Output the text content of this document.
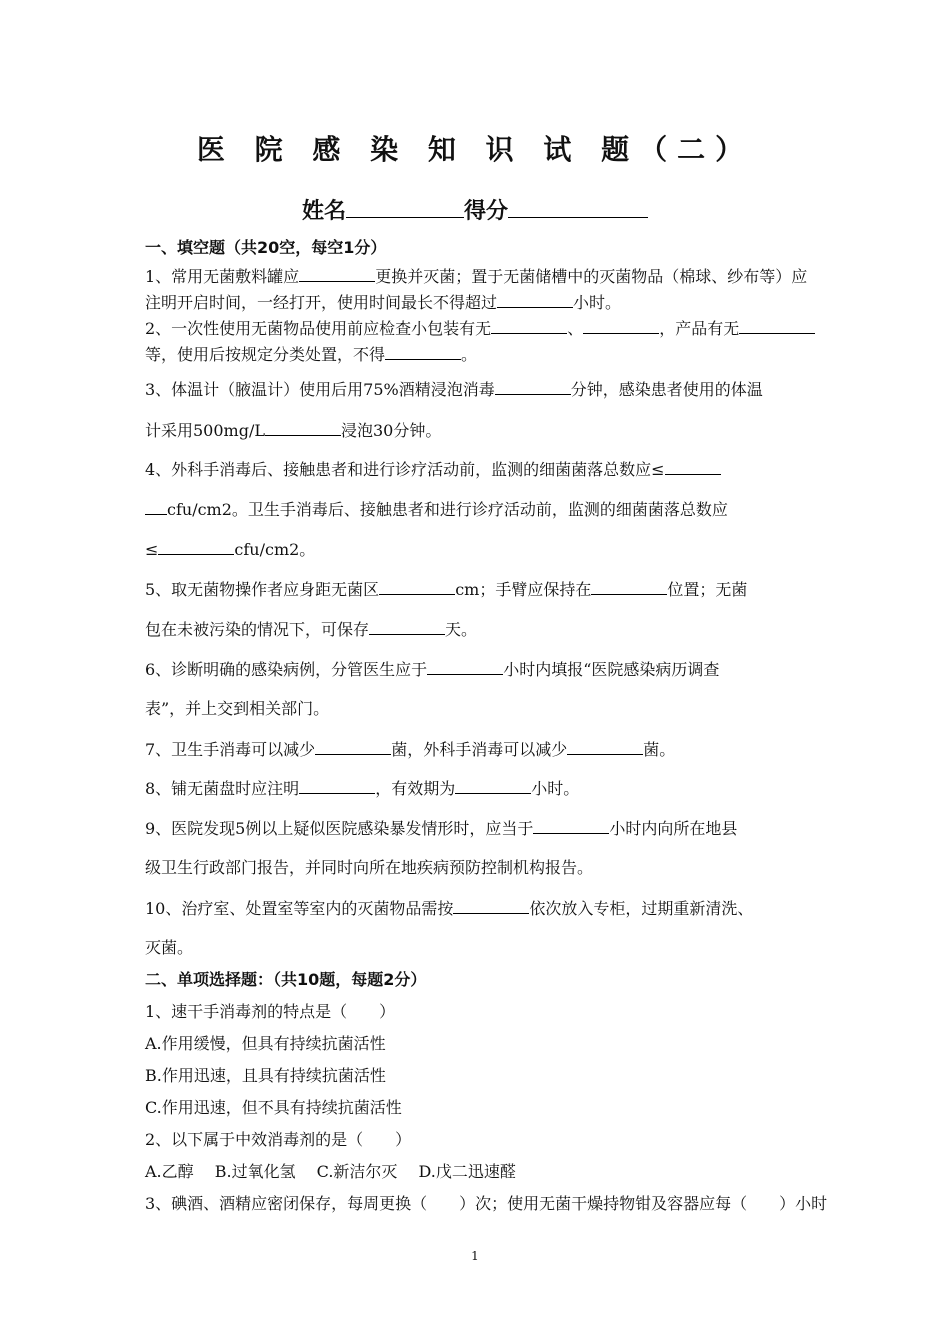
医 院 感 染 知 识 试 题（二）
姓名	得分
一、填空题（共20空，每空1分）
1、常用无菌敷料罐应	更换并灭菌；置于无菌储槽中的灭菌物品（棉球、纱布等）应
注明开启时间，一经打开，使用时间最长不得超过	小时。
2、一次性使用无菌物品使用前应检查小包装有无	、	，产品有无
等，使用后按规定分类处置，不得	。
3、体温计（腋温计）使用后用75%酒精浸泡消毒	分钟，感染患者使用的体温
计采用500mg/L	浸泡30分钟。
4、外科手消毒后、接触患者和进行诊疗活动前，监测的细菌菌落总数应≤
cfu/cm2。卫生手消毒后、接触患者和进行诊疗活动前，监测的细菌菌落总数应
≤	cfu/cm2。
5、取无菌物操作者应身距无菌区	cm；手臂应保持在	位置；无菌
包在未被污染的情况下，可保存	天。
6、诊断明确的感染病例，分管医生应于	小时内填报“医院感染病历调查
表”，并上交到相关部门。
7、卫生手消毒可以减少	菌，外科手消毒可以减少	菌。
8、铺无菌盘时应注明	，有效期为	小时。
9、医院发现5例以上疑似医院感染暴发情形时，应当于	小时内向所在地县
级卫生行政部门报告，并同时向所在地疾病预防控制机构报告。
10、治疗室、处置室等室内的灭菌物品需按	依次放入专柜，过期重新清洗、
灭菌。
二、单项选择题：（共10题，每题2分）
1、速干手消毒剂的特点是（　　）
A.作用缓慢，但具有持续抗菌活性
B.作用迅速，且具有持续抗菌活性
C.作用迅速，但不具有持续抗菌活性
2、以下属于中效消毒剂的是（　　）
A.乙醇　 B.过氧化氢　 C.新洁尔灭　 D.戊二迅速醛
3、碘酒、酒精应密闭保存，每周更换（　　）次；使用无菌干燥持物钳及容器应每（　　）小时
1
